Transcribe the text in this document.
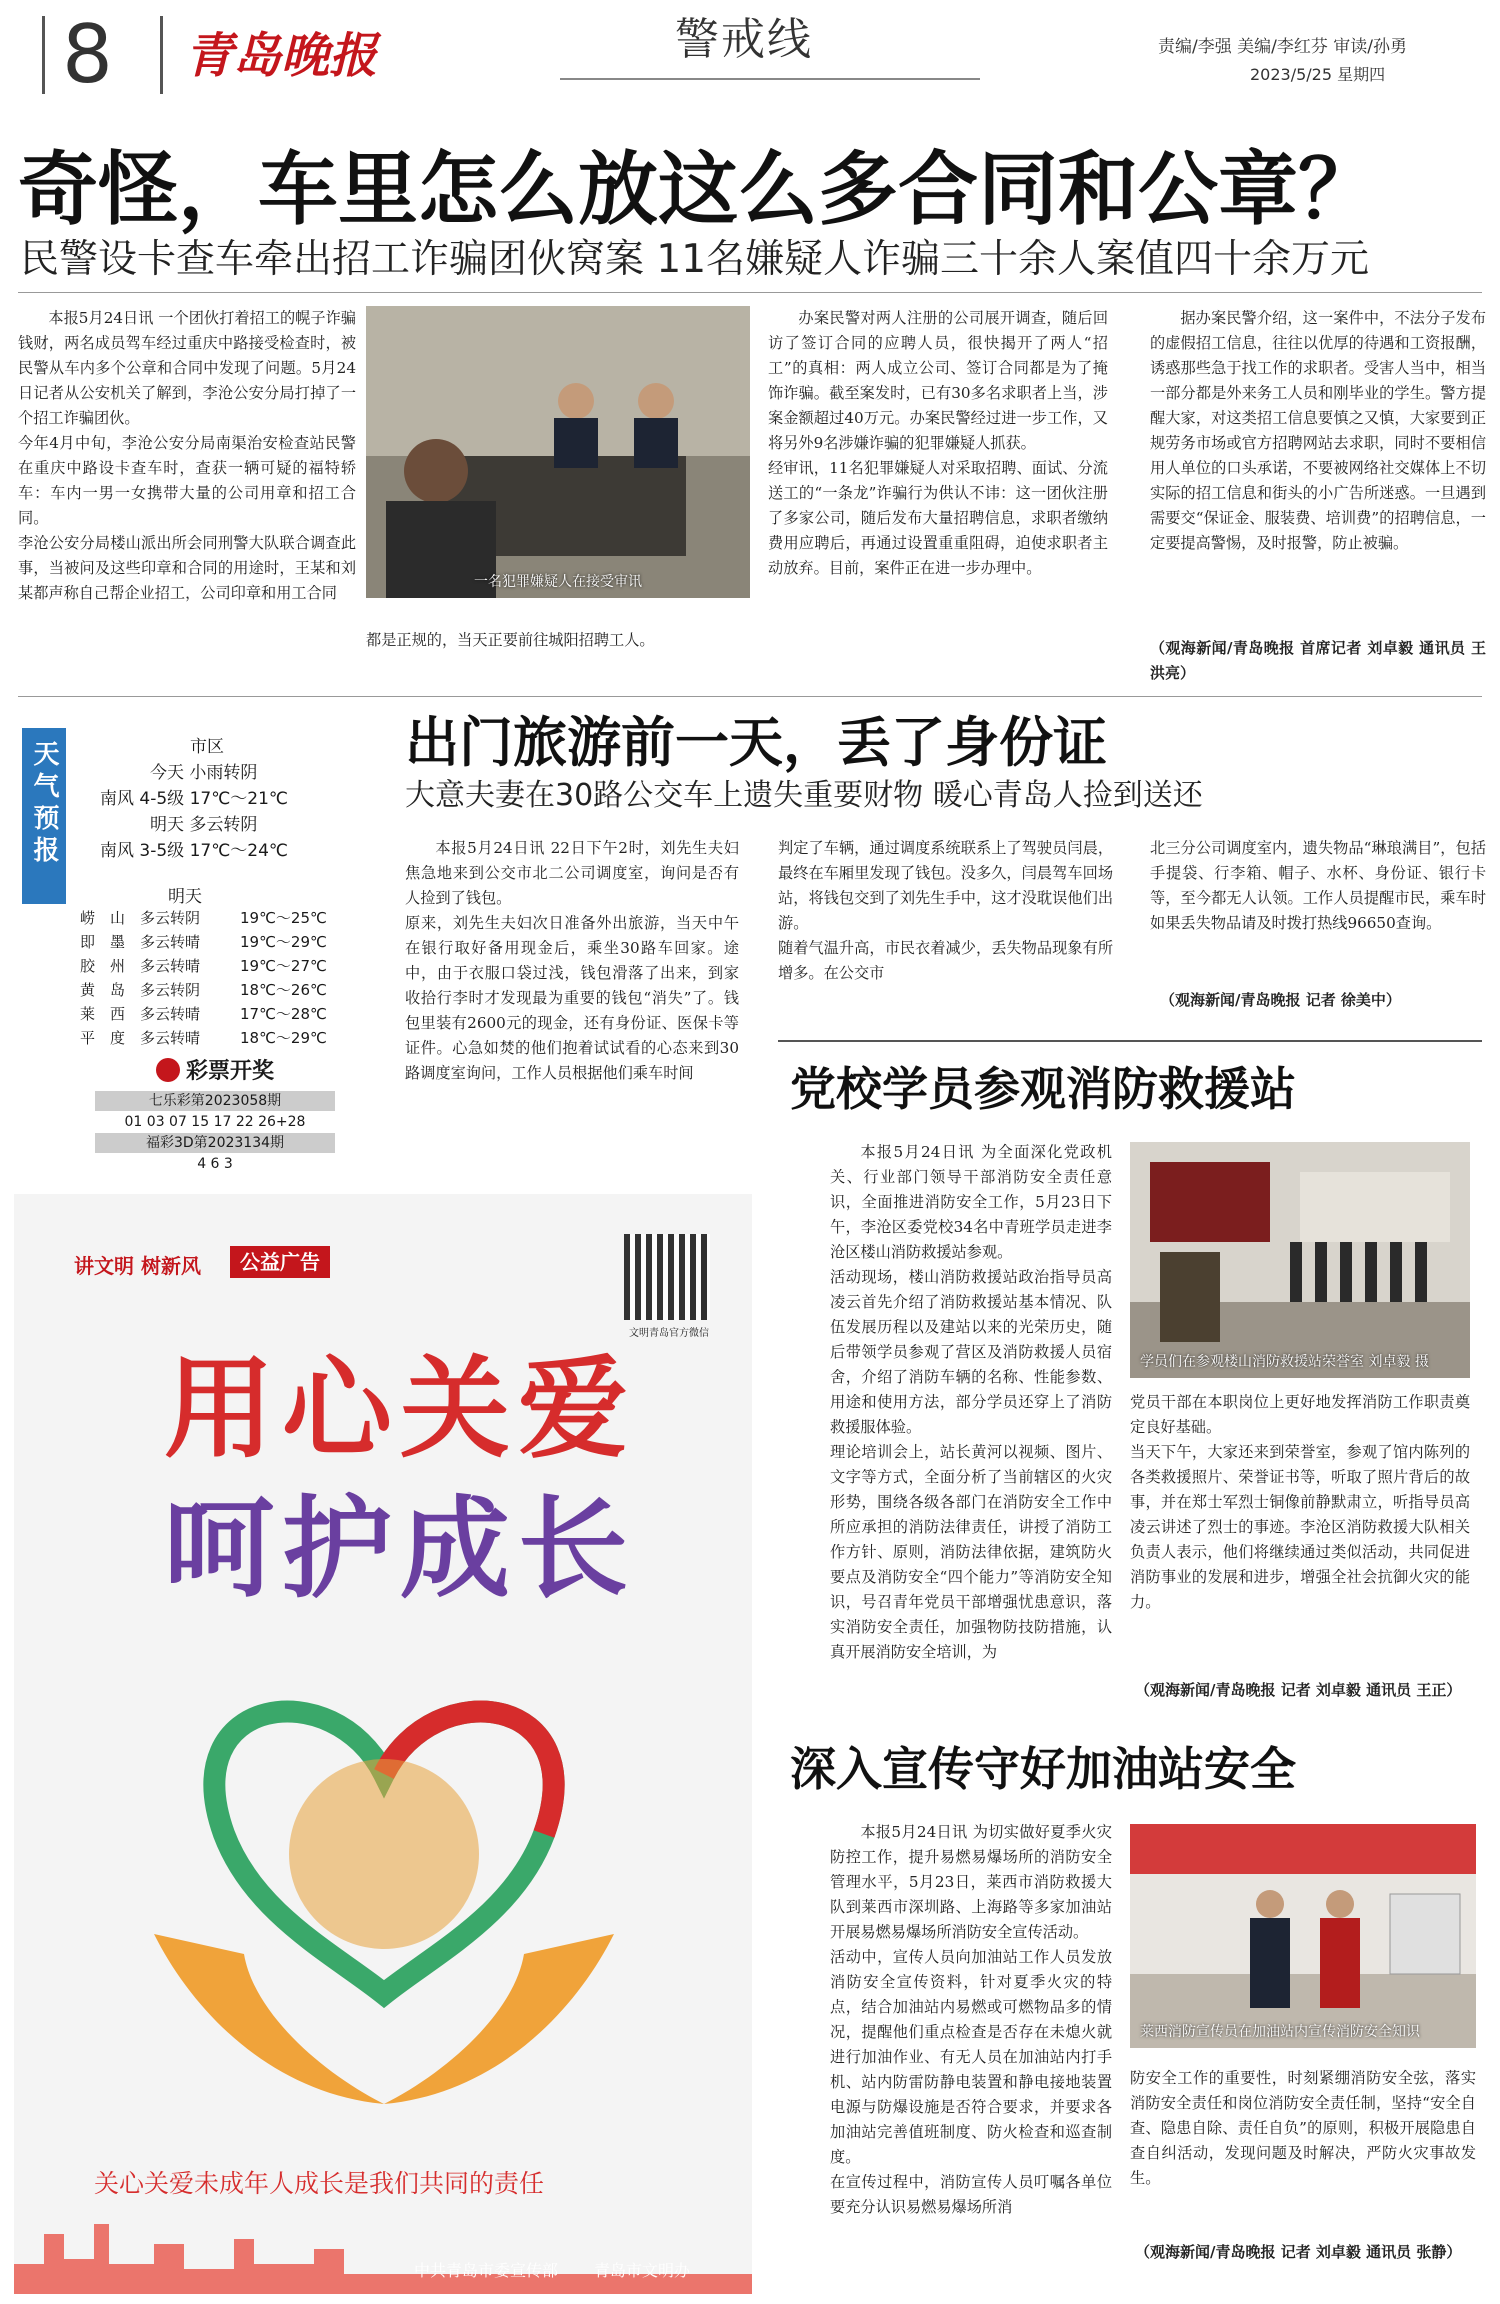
8 青岛晚报	警戒线	责编/李强 美编/李红芬 审读/孙勇
2023/5/25 星期四
奇怪，车里怎么放这么多合同和公章？
民警设卡查车牵出招工诈骗团伙窝案 11名嫌疑人诈骗三十余人案值四十余万元
本报5月24日讯 一个团伙打着招工的幌子诈骗钱财，两名成员驾车经过重庆中路接受检查时，被民警从车内多个公章和合同中发现了问题。5月24日记者从公安机关了解到，李沧公安分局打掉了一个招工诈骗团伙。
今年4月中旬，李沧公安分局南渠治安检查站民警在重庆中路设卡查车时，查获一辆可疑的福特轿车：车内一男一女携带大量的公司用章和招工合同。
李沧公安分局楼山派出所会同刑警大队联合调查此事，当被问及这些印章和合同的用途时，王某和刘某都声称自己帮企业招工，公司印章和用工合同
一名犯罪嫌疑人在接受审讯
都是正规的，当天正要前往城阳招聘工人。
办案民警对两人注册的公司展开调查，随后回访了签订合同的应聘人员，很快揭开了两人“招工”的真相：两人成立公司、签订合同都是为了掩饰诈骗。截至案发时，已有30多名求职者上当，涉案金额超过40万元。办案民警经过进一步工作，又将另外9名涉嫌诈骗的犯罪嫌疑人抓获。
经审讯，11名犯罪嫌疑人对采取招聘、面试、分流送工的“一条龙”诈骗行为供认不讳：这一团伙注册了多家公司，随后发布大量招聘信息，求职者缴纳费用应聘后，再通过设置重重阻碍，迫使求职者主动放弃。目前，案件正在进一步办理中。
据办案民警介绍，这一案件中，不法分子发布的虚假招工信息，往往以优厚的待遇和工资报酬，诱惑那些急于找工作的求职者。受害人当中，相当一部分都是外来务工人员和刚毕业的学生。警方提醒大家，对这类招工信息要慎之又慎，大家要到正规劳务市场或官方招聘网站去求职，同时不要相信用人单位的口头承诺，不要被网络社交媒体上不切实际的招工信息和街头的小广告所迷惑。一旦遇到需要交“保证金、服装费、培训费”的招聘信息，一定要提高警惕，及时报警，防止被骗。
（观海新闻/青岛晚报 首席记者 刘卓毅 通讯员 王洪亮）
天气预报	市区
今天 小雨转阴
南风 4-5级 17℃～21℃
明天 多云转阴
南风 3-5级 17℃～24℃
明天
崂　山 多云转阴	19℃～25℃
即　墨 多云转晴	19℃～29℃
胶　州 多云转晴	19℃～27℃
黄　岛 多云转阴	18℃～26℃
莱　西 多云转晴	17℃～28℃
平　度 多云转晴	18℃～29℃
彩票开奖
七乐彩第2023058期
01 03 07 15 17 22 26+28
福彩3D第2023134期
4 6 3
出门旅游前一天，丢了身份证
大意夫妻在30路公交车上遗失重要财物 暖心青岛人捡到送还
本报5月24日讯 22日下午2时，刘先生夫妇焦急地来到公交市北二公司调度室，询问是否有人捡到了钱包。
原来，刘先生夫妇次日准备外出旅游，当天中午在银行取好备用现金后，乘坐30路车回家。途中，由于衣服口袋过浅，钱包滑落了出来，到家收拾行李时才发现最为重要的钱包“消失”了。钱包里装有2600元的现金，还有身份证、医保卡等证件。心急如焚的他们抱着试试看的心态来到30路调度室询问，工作人员根据他们乘车时间
判定了车辆，通过调度系统联系上了驾驶员闫晨，最终在车厢里发现了钱包。没多久，闫晨驾车回场站，将钱包交到了刘先生手中，这才没耽误他们出游。
随着气温升高，市民衣着减少，丢失物品现象有所增多。在公交市
北三分公司调度室内，遗失物品“琳琅满目”，包括手提袋、行李箱、帽子、水杯、身份证、银行卡等，至今都无人认领。工作人员提醒市民，乘车时如果丢失物品请及时拨打热线96650查询。
（观海新闻/青岛晚报 记者 徐美中）
讲文明 树新风	公益广告
文明青岛官方微信
用心关爱
呵护成长
关心关爱未成年人成长是我们共同的责任
中共青岛市委宣传部 青岛市文明办
党校学员参观消防救援站
本报5月24日讯 为全面深化党政机关、行业部门领导干部消防安全责任意识，全面推进消防安全工作，5月23日下午，李沧区委党校34名中青班学员走进李沧区楼山消防救援站参观。
活动现场，楼山消防救援站政治指导员高凌云首先介绍了消防救援站基本情况、队伍发展历程以及建站以来的光荣历史，随后带领学员参观了营区及消防救援人员宿舍，介绍了消防车辆的名称、性能参数、用途和使用方法，部分学员还穿上了消防救援服体验。
理论培训会上，站长黄河以视频、图片、文字等方式，全面分析了当前辖区的火灾形势，围绕各级各部门在消防安全工作中所应承担的消防法律责任，讲授了消防工作方针、原则，消防法律依据，建筑防火要点及消防安全“四个能力”等消防安全知识，号召青年党员干部增强忧患意识，落实消防安全责任，加强物防技防措施，认真开展消防安全培训，为
学员们在参观楼山消防救援站荣誉室 刘卓毅 摄
党员干部在本职岗位上更好地发挥消防工作职责奠定良好基础。
当天下午，大家还来到荣誉室，参观了馆内陈列的各类救援照片、荣誉证书等，听取了照片背后的故事，并在郑士军烈士铜像前静默肃立，听指导员高凌云讲述了烈士的事迹。李沧区消防救援大队相关负责人表示，他们将继续通过类似活动，共同促进消防事业的发展和进步，增强全社会抗御火灾的能力。
（观海新闻/青岛晚报 记者 刘卓毅 通讯员 王正）
深入宣传守好加油站安全
本报5月24日讯 为切实做好夏季火灾防控工作，提升易燃易爆场所的消防安全管理水平，5月23日，莱西市消防救援大队到莱西市深圳路、上海路等多家加油站开展易燃易爆场所消防安全宣传活动。
活动中，宣传人员向加油站工作人员发放消防安全宣传资料，针对夏季火灾的特点，结合加油站内易燃或可燃物品多的情况，提醒他们重点检查是否存在未熄火就进行加油作业、有无人员在加油站内打手机、站内防雷防静电装置和静电接地装置电源与防爆设施是否符合要求，并要求各加油站完善值班制度、防火检查和巡查制度。
在宣传过程中，消防宣传人员叮嘱各单位要充分认识易燃易爆场所消
莱西消防宣传员在加油站内宣传消防安全知识
防安全工作的重要性，时刻紧绷消防安全弦，落实消防安全责任和岗位消防安全责任制，坚持“安全自查、隐患自除、责任自负”的原则，积极开展隐患自查自纠活动，发现问题及时解决，严防火灾事故发生。
（观海新闻/青岛晚报 记者 刘卓毅 通讯员 张静）
